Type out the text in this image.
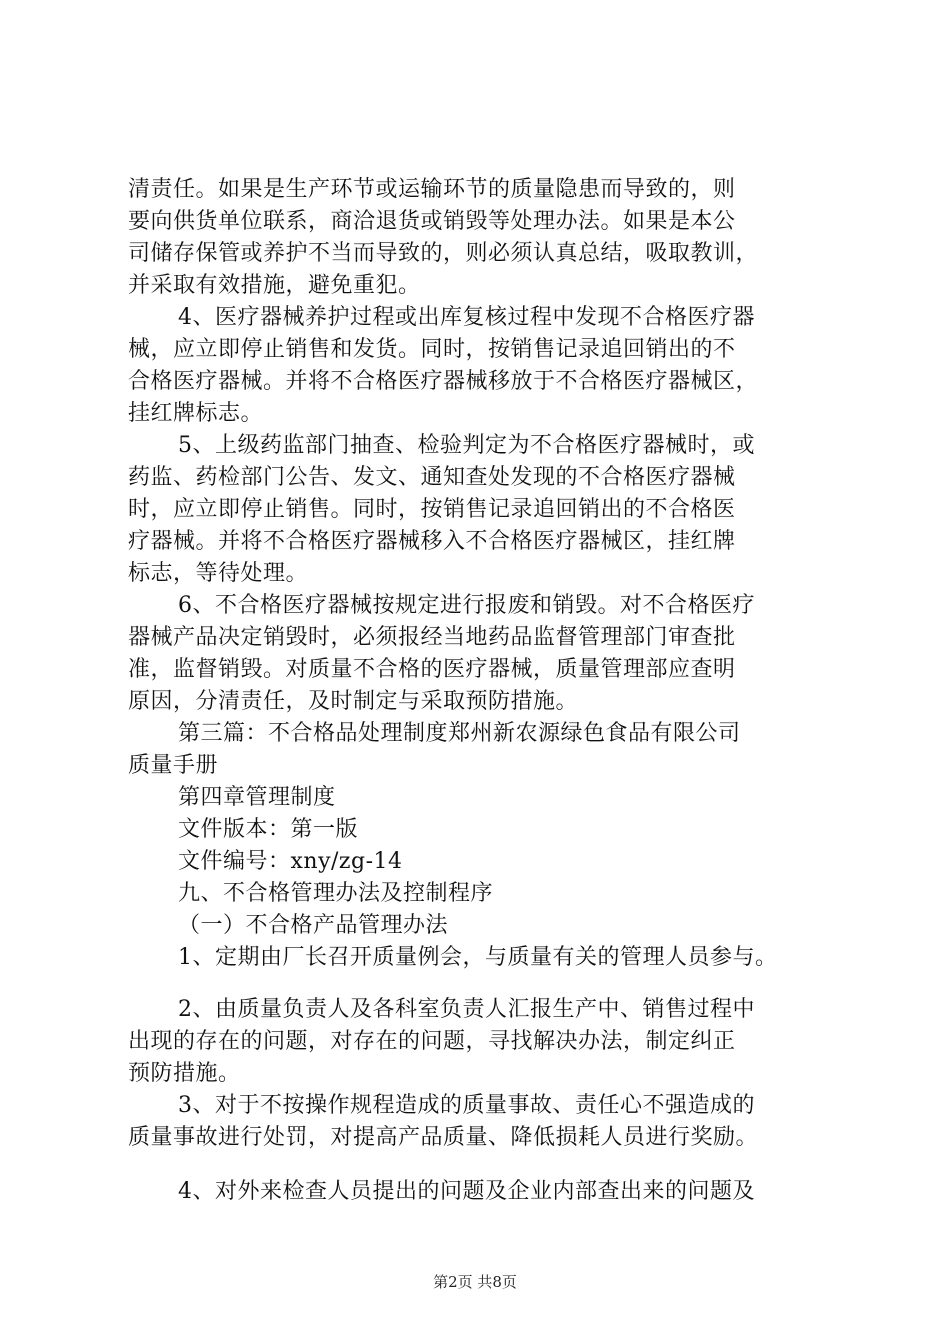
清责任。如果是生产环节或运输环节的质量隐患而导致的，则
要向供货单位联系，商洽退货或销毁等处理办法。如果是本公
司储存保管或养护不当而导致的，则必须认真总结，吸取教训，
并采取有效措施，避免重犯。
4、医疗器械养护过程或出库复核过程中发现不合格医疗器
械，应立即停止销售和发货。同时，按销售记录追回销出的不
合格医疗器械。并将不合格医疗器械移放于不合格医疗器械区，
挂红牌标志。
5、上级药监部门抽查、检验判定为不合格医疗器械时，或
药监、药检部门公告、发文、通知查处发现的不合格医疗器械
时，应立即停止销售。同时，按销售记录追回销出的不合格医
疗器械。并将不合格医疗器械移入不合格医疗器械区，挂红牌
标志，等待处理。
6、不合格医疗器械按规定进行报废和销毁。对不合格医疗
器械产品决定销毁时，必须报经当地药品监督管理部门审查批
准，监督销毁。对质量不合格的医疗器械，质量管理部应查明
原因，分清责任，及时制定与采取预防措施。
第三篇：不合格品处理制度郑州新农源绿色食品有限公司
质量手册
第四章管理制度
文件版本：第一版
文件编号：xny/zg-14
九、不合格管理办法及控制程序
（一）不合格产品管理办法
1、定期由厂长召开质量例会，与质量有关的管理人员参与。
2、由质量负责人及各科室负责人汇报生产中、销售过程中
出现的存在的问题，对存在的问题，寻找解决办法，制定纠正
预防措施。
3、对于不按操作规程造成的质量事故、责任心不强造成的
质量事故进行处罚，对提高产品质量、降低损耗人员进行奖励。
4、对外来检查人员提出的问题及企业内部查出来的问题及
第2页 共8页
